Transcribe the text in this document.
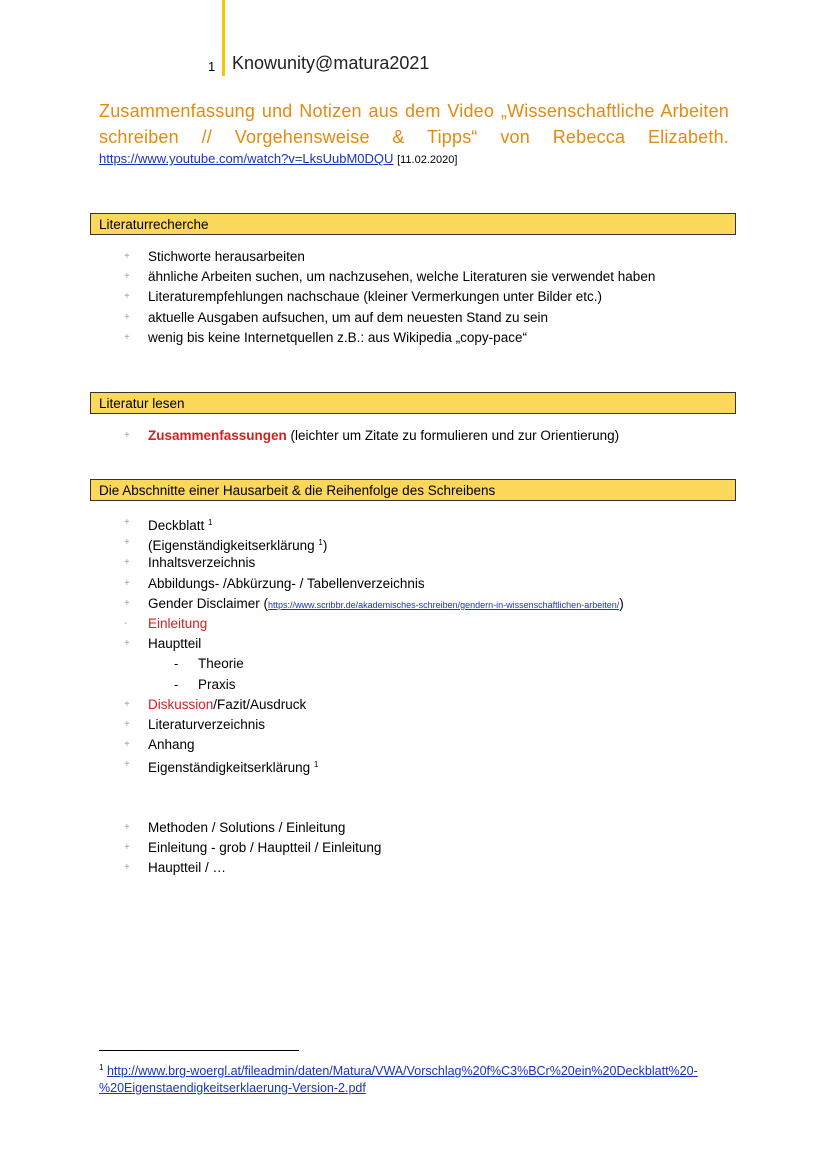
1 Knowunity@matura2021
Zusammenfassung und Notizen aus dem Video „Wissenschaftliche Arbeiten
schreiben // Vorgehensweise & Tipps“ von Rebecca Elizabeth.
https://www.youtube.com/watch?v=LksUubM0DQU [11.02.2020]
Literaturrecherche
+ Stichworte herausarbeiten
+ ähnliche Arbeiten suchen, um nachzusehen, welche Literaturen sie verwendet haben
+ Literaturempfehlungen nachschaue (kleiner Vermerkungen unter Bilder etc.)
+ aktuelle Ausgaben aufsuchen, um auf dem neuesten Stand zu sein
+ wenig bis keine Internetquellen z.B.: aus Wikipedia „copy-pace“
Literatur lesen
+ Zusammenfassungen (leichter um Zitate zu formulieren und zur Orientierung)
Die Abschnitte einer Hausarbeit & die Reihenfolge des Schreibens
+ Deckblatt $^1$
+ (Eigenständigkeitserklärung $^1$)
+ Inhaltsverzeichnis
+ Abbildungs- /Abkürzung- / Tabellenverzeichnis
+ Gender Disclaimer (https://www.scribbr.de/akademisches-schreiben/gendern-in-wissenschaftlichen-arbeiten/)
- Einleitung
+ Hauptteil
- Theorie
- Praxis
+ Diskussion/Fazit/Ausdruck
+ Literaturverzeichnis
+ Anhang
+ Eigenständigkeitserklärung $^1$
+ Methoden / Solutions / Einleitung
+ Einleitung - grob / Hauptteil / Einleitung
+ Hauptteil / …
$^1$ http://www.brg-woergl.at/fileadmin/daten/Matura/VWA/Vorschlag%20f%C3%BCr%20ein%20Deckblatt%20-
%20Eigenstaendigkeitserklaerung-Version-2.pdf
